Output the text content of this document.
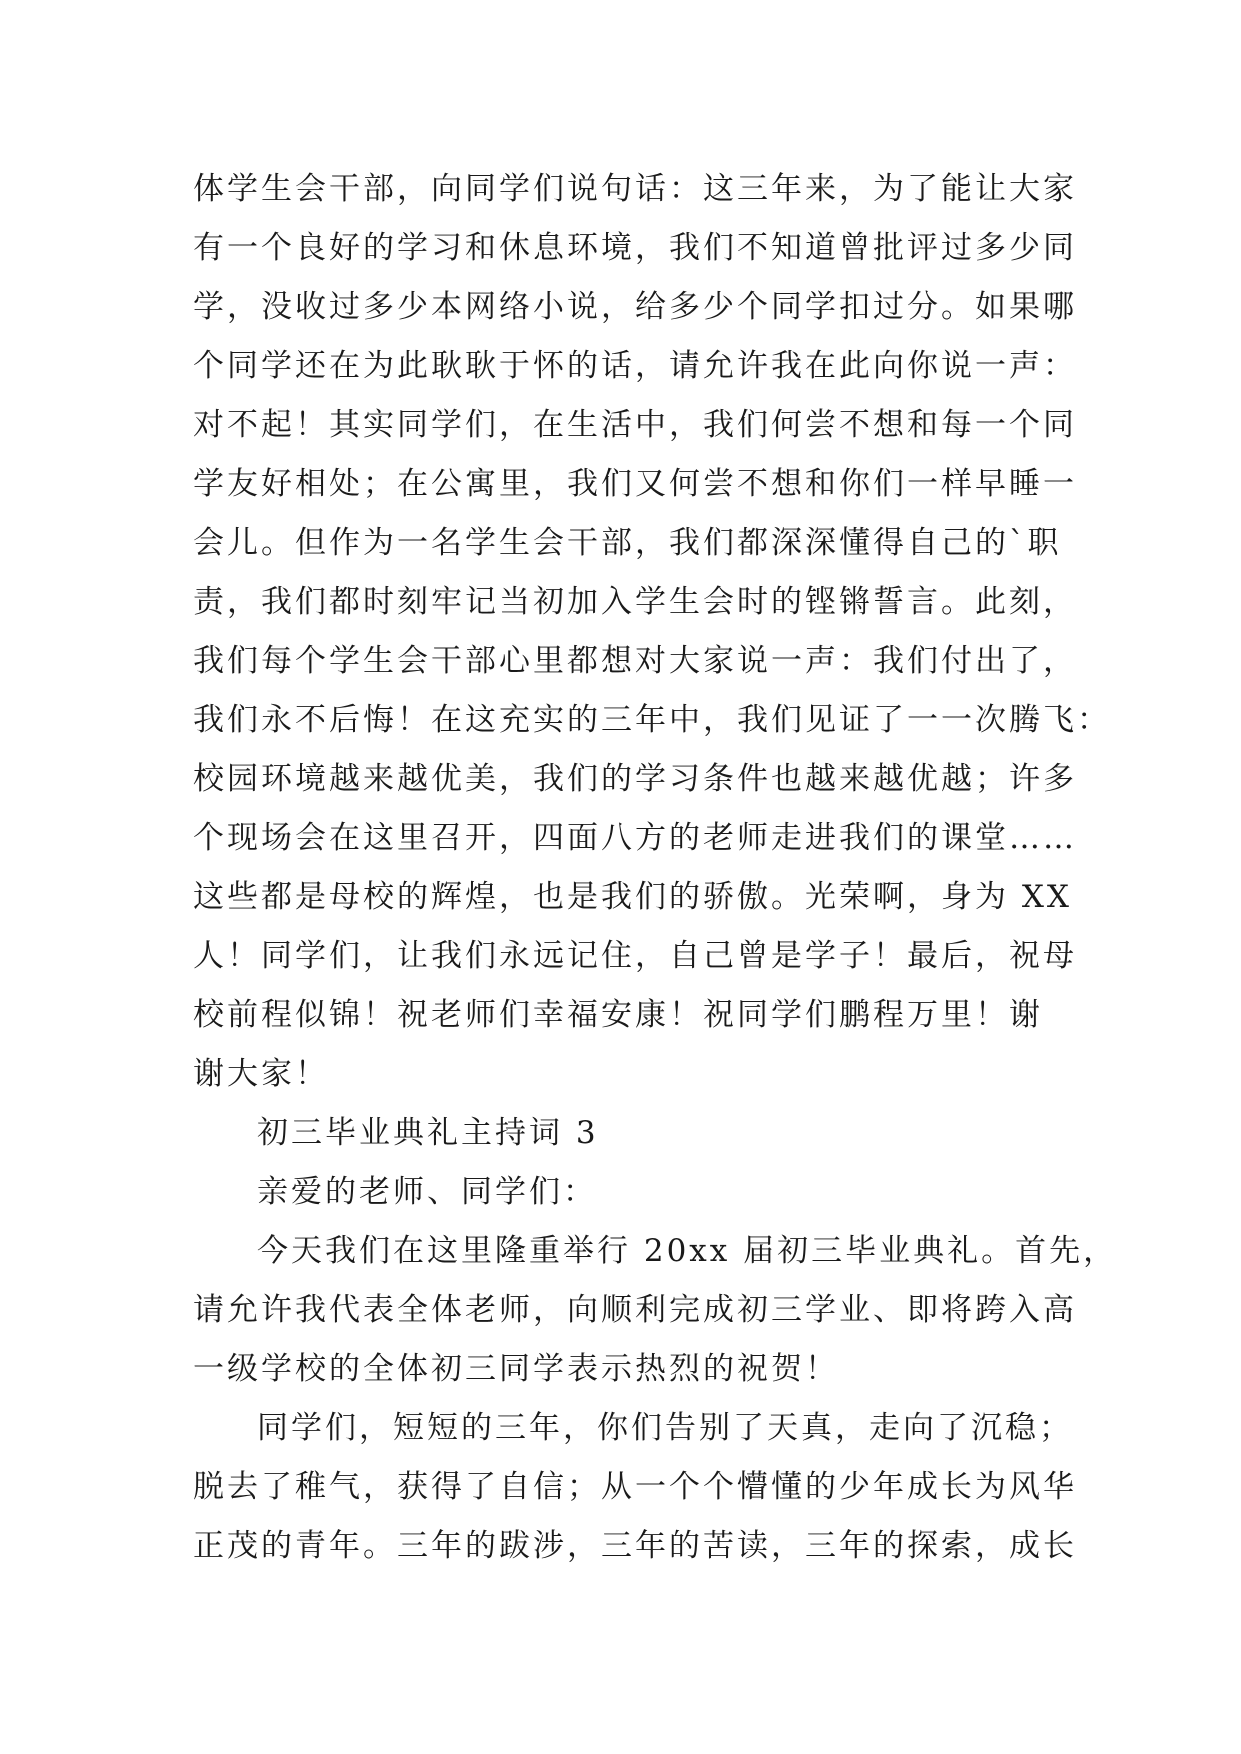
体学生会干部，向同学们说句话：这三年来，为了能让大家
有一个良好的学习和休息环境，我们不知道曾批评过多少同
学，没收过多少本网络小说，给多少个同学扣过分。如果哪
个同学还在为此耿耿于怀的话，请允许我在此向你说一声：
对不起！其实同学们，在生活中，我们何尝不想和每一个同
学友好相处；在公寓里，我们又何尝不想和你们一样早睡一
会儿。但作为一名学生会干部，我们都深深懂得自己的`职
责，我们都时刻牢记当初加入学生会时的铿锵誓言。此刻，
我们每个学生会干部心里都想对大家说一声：我们付出了，
我们永不后悔！在这充实的三年中，我们见证了一一次腾飞：
校园环境越来越优美，我们的学习条件也越来越优越；许多
个现场会在这里召开，四面八方的老师走进我们的课堂……
这些都是母校的辉煌，也是我们的骄傲。光荣啊，身为 XX
人！同学们，让我们永远记住，自己曾是学子！最后，祝母
校前程似锦！祝老师们幸福安康！祝同学们鹏程万里！谢
谢大家！
初三毕业典礼主持词 3
亲爱的老师、同学们：
今天我们在这里隆重举行 20xx 届初三毕业典礼。首先，
请允许我代表全体老师，向顺利完成初三学业、即将跨入高
一级学校的全体初三同学表示热烈的祝贺！
同学们，短短的三年，你们告别了天真，走向了沉稳；
脱去了稚气，获得了自信；从一个个懵懂的少年成长为风华
正茂的青年。三年的跋涉，三年的苦读，三年的探索，成长
